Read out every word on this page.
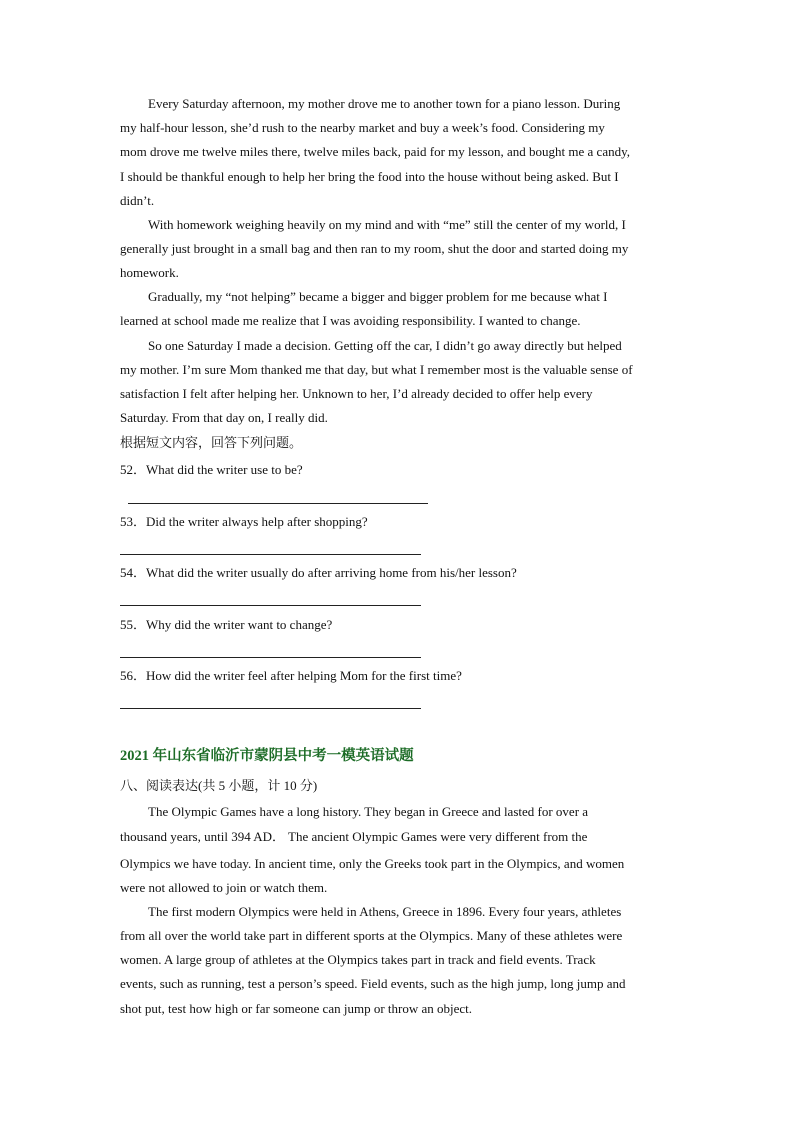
Every Saturday afternoon, my mother drove me to another town for a piano lesson. During
my half-hour lesson, she’d rush to the nearby market and buy a week’s food. Considering my
mom drove me twelve miles there, twelve miles back, paid for my lesson, and bought me a candy,
I should be thankful enough to help her bring the food into the house without being asked. But I
didn’t.
With homework weighing heavily on my mind and with “me” still the center of my world, I
generally just brought in a small bag and then ran to my room, shut the door and started doing my
homework.
Gradually, my “not helping” became a bigger and bigger problem for me because what I
learned at school made me realize that I was avoiding responsibility. I wanted to change.
So one Saturday I made a decision. Getting off the car, I didn’t go away directly but helped
my mother. I’m sure Mom thanked me that day, but what I remember most is the valuable sense of
satisfaction I felt after helping her. Unknown to her, I’d already decided to offer help every
Saturday. From that day on, I really did.
根据短文内容，回答下列问题。
52．What did the writer use to be?
53．Did the writer always help after shopping?
54．What did the writer usually do after arriving home from his/her lesson?
55．Why did the writer want to change?
56．How did the writer feel after helping Mom for the first time?
2021 年山东省临沂市蒙阴县中考一模英语试题
八、阅读表达(共 5 小题，计 10 分)
The Olympic Games have a long history. They began in Greece and lasted for over a
thousand years, until 394 AD． The ancient Olympic Games were very different from the
Olympics we have today. In ancient time, only the Greeks took part in the Olympics, and women
were not allowed to join or watch them.
The first modern Olympics were held in Athens, Greece in 1896. Every four years, athletes
from all over the world take part in different sports at the Olympics. Many of these athletes were
women. A large group of athletes at the Olympics takes part in track and field events. Track
events, such as running, test a person’s speed. Field events, such as the high jump, long jump and
shot put, test how high or far someone can jump or throw an object.
